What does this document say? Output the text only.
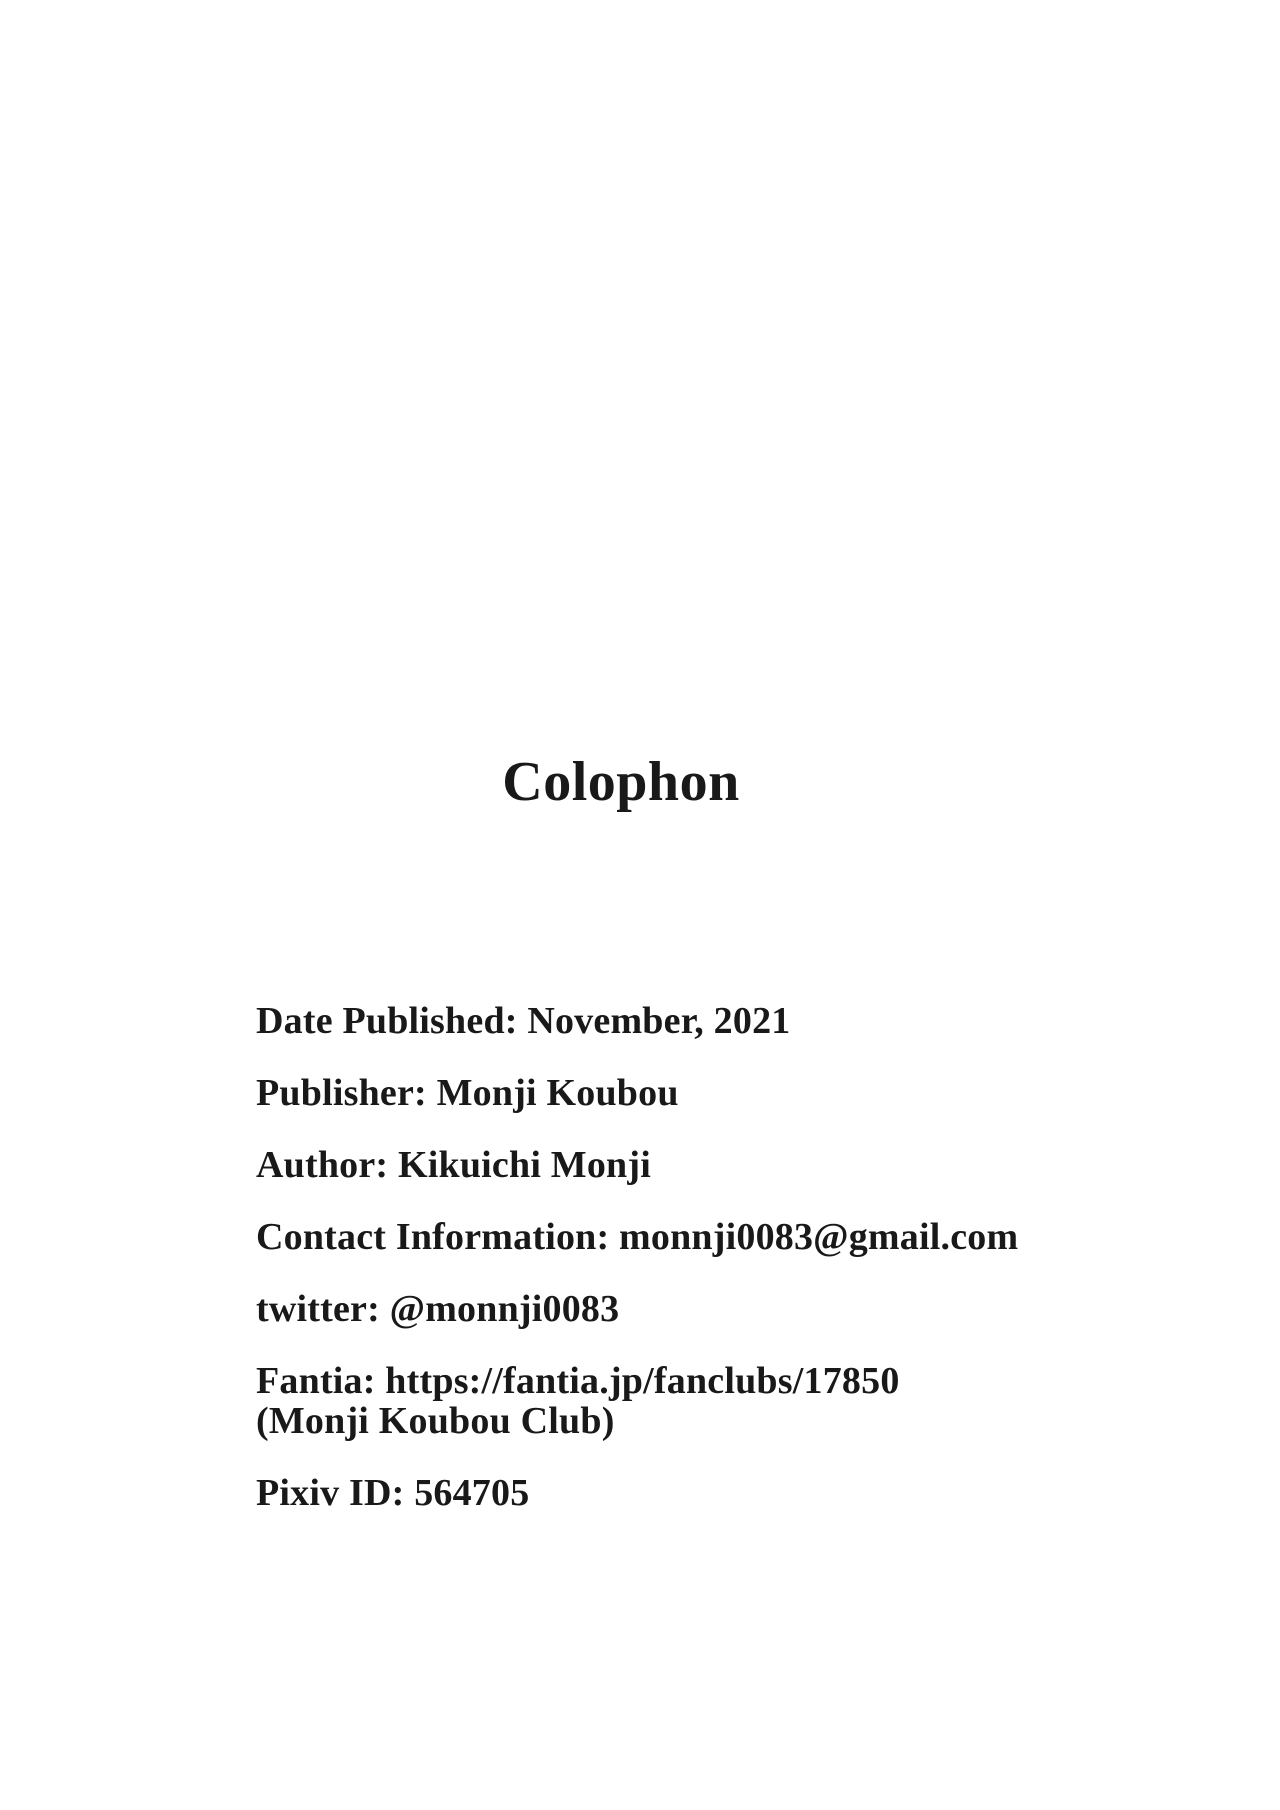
Colophon

Date Published: November, 2021

Publisher: Monji Koubou

Author: Kikuichi Monji

Contact Information: monnji0083@gmail.com

twitter: @monnji0083

Fantia: https://fantia.jp/fanclubs/17850
(Monji Koubou Club)

Pixiv ID: 564705
